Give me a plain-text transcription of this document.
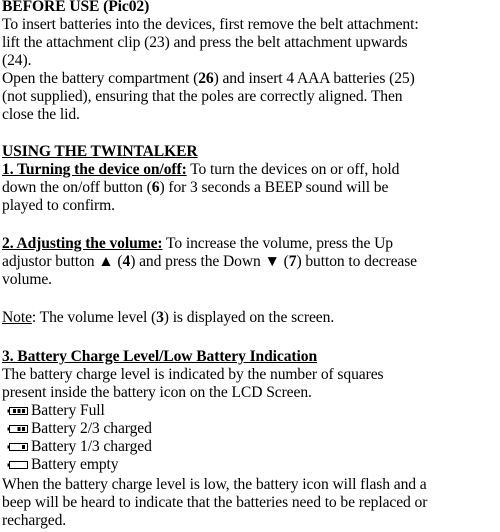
BEFORE USE (Pic02)
To insert batteries into the devices, first remove the belt attachment:
lift the attachment clip (23) and press the belt attachment upwards
(24).
Open the battery compartment (26) and insert 4 AAA batteries (25)
(not supplied), ensuring that the poles are correctly aligned. Then
close the lid.
USING THE TWINTALKER
1. Turning the device on/off: To turn the devices on or off, hold
down the on/off button (6) for 3 seconds a BEEP sound will be
played to confirm.
2. Adjusting the volume: To increase the volume, press the Up
adjustor button ▲ (4) and press the Down ▼ (7) button to decrease
volume.
Note: The volume level (3) is displayed on the screen.
3. Battery Charge Level/Low Battery Indication
The battery charge level is indicated by the number of squares
present inside the battery icon on the LCD Screen.
Battery Full
Battery 2/3 charged
Battery 1/3 charged
Battery empty
When the battery charge level is low, the battery icon will flash and a
beep will be heard to indicate that the batteries need to be replaced or
recharged.
